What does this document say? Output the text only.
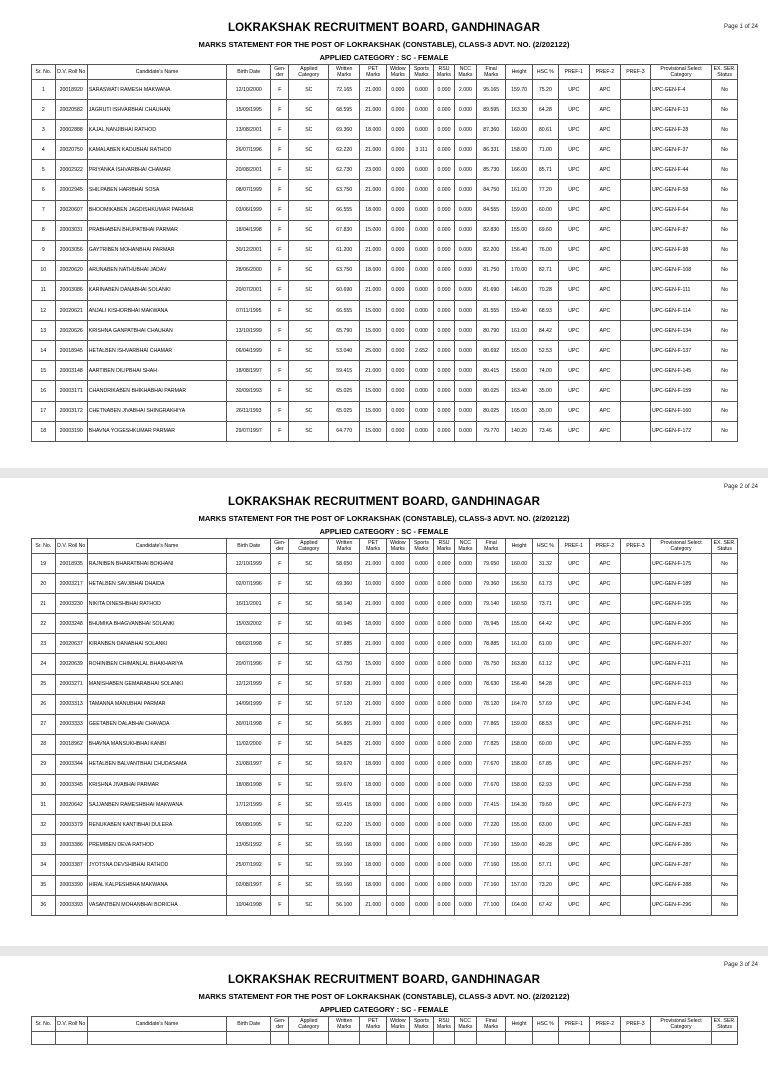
Page 1 of 24
LOKRAKSHAK RECRUITMENT BOARD, GANDHINAGAR
MARKS STATEMENT FOR THE POST OF LOKRAKSHAK (CONSTABLE), CLASS-3 ADVT. NO. (2/202122)
APPLIED CATEGORY : SC - FEMALE
Sr. No.	D.V. Roll No	Candidate's Name	Birth Date	Gen-der	Applied Category	Written Marks	PET Marks	Widow Marks	Sports Marks	RSU Marks	NCC Marks	Final Marks	Height	HSC %	PREF-1	PREF-2	PREF-3	Provisional Select Category	EX. SER. Status
1	20018920	SARASWATI RAMESH MAKWANA	12/10/2000	F	SC	72.165	21.000	0.000	0.000	0.000	2.000	95.165	159.70	75.20	UPC	APC		UPC-GEN-F-4	No
2	20020582	JAGRUTI ISHVARBHAI CHAUHAN	15/09/1995	F	SC	68.595	21.000	0.000	0.000	0.000	0.000	89.595	163.30	64.28	UPC	APC		UPC-GEN-F-13	No
3	20002888	KAJAL NANJIBHAI RATHOD	13/08/2001	F	SC	69.360	18.000	0.000	0.000	0.000	0.000	87.360	160.00	80.61	UPC	APC		UPC-GEN-F-28	No
4	20020750	KAMALABEN KADUBHAI RATHOD	26/07/1996	F	SC	62.220	21.000	0.000	3.111	0.000	0.000	86.331	158.00	71.00	UPC	APC		UPC-GEN-F-37	No
5	20002922	PRIYANKA ISHVARBHAI CHAMAR	20/08/2001	F	SC	62.730	23.000	0.000	0.000	0.000	0.000	85.730	166.00	85.71	UPC	APC		UPC-GEN-F-44	No
6	20002945	SHILPABEN HARIBHAI SOSA	08/07/1999	F	SC	63.750	21.000	0.000	0.000	0.000	0.000	84.750	161.00	77.20	UPC	APC		UPC-GEN-F-58	No
7	20020607	BHOOMIKABEN JAGDISHKUMAR PARMAR	03/06/1999	F	SC	66.555	18.000	0.000	0.000	0.000	0.000	84.555	159.00	60.00	UPC	APC		UPC-GEN-F-64	No
8	20003031	PRABHABEN BHUPATBHAI PARMAR	18/04/1998	F	SC	67.830	15.000	0.000	0.000	0.000	0.000	82.830	155.00	69.60	UPC	APC		UPC-GEN-F-87	No
9	20003056	GAYTRIBEN MOHANBHAI PARMAR	30/12/2001	F	SC	61.200	21.000	0.000	0.000	0.000	0.000	82.200	156.40	76.00	UPC	APC		UPC-GEN-F-98	No
10	20020620	ARUNABEN NATHUBHAI JADAV	28/06/2000	F	SC	63.750	18.000	0.000	0.000	0.000	0.000	81.750	170.00	82.71	UPC	APC		UPC-GEN-F-108	No
11	20003086	KARINABEN DANABHAI SOLANKI	20/07/2001	F	SC	60.690	21.000	0.000	0.000	0.000	0.000	81.690	146.00	70.28	UPC	APC		UPC-GEN-F-111	No
12	20020621	ANJALI KISHORBHAI MAKWANA	07/11/1995	F	SC	66.555	15.000	0.000	0.000	0.000	0.000	81.555	159.40	68.93	UPC	APC		UPC-GEN-F-114	No
13	20020626	KRISHNA GANPATBHAI CHAUHAN	13/10/1999	F	SC	65.790	15.000	0.000	0.000	0.000	0.000	80.790	161.00	84.42	UPC	APC		UPC-GEN-F-134	No
14	20018945	HETALBEN ISHVARBHAI CHAMAR	06/04/1999	F	SC	53.040	25.000	0.000	2.652	0.000	0.000	80.692	165.00	52.53	UPC	APC		UPC-GEN-F-137	No
15	20003148	AARTIBEN DILIPBHAI SHAH	18/08/1997	F	SC	59.415	21.000	0.000	0.000	0.000	0.000	80.415	158.00	74.00	UPC	APC		UPC-GEN-F-145	No
16	20003171	CHANDRIKABEN BHIKHABHAI PARMAR	30/09/1993	F	SC	65.025	15.000	0.000	0.000	0.000	0.000	80.025	163.40	35.00	UPC	APC		UPC-GEN-F-159	No
17	20003172	CHETNABEN JIVABHAI SHINGRAKHIYA	26/11/1993	F	SC	65.025	15.000	0.000	0.000	0.000	0.000	80.025	165.00	35.00	UPC	APC		UPC-GEN-F-160	No
18	20003190	BHAVNA YOGESHKUMAR PARMAR	29/07/1997	F	SC	64.770	15.000	0.000	0.000	0.000	0.000	79.770	140.20	73.46	UPC	APC		UPC-GEN-F-172	No
Page 2 of 24
LOKRAKSHAK RECRUITMENT BOARD, GANDHINAGAR
MARKS STATEMENT FOR THE POST OF LOKRAKSHAK (CONSTABLE), CLASS-3 ADVT. NO. (2/202122)
APPLIED CATEGORY : SC - FEMALE
Sr. No.	D.V. Roll No	Candidate's Name	Birth Date	Gen-der	Applied Category	Written Marks	PET Marks	Widow Marks	Sports Marks	RSU Marks	NCC Marks	Final Marks	Height	HSC %	PREF-1	PREF-2	PREF-3	Provisional Select Category	EX. SER. Status
19	20018935	RAJNIBEN BHARATBHAI BOKHANI	12/10/1999	F	SC	58.650	21.000	0.000	0.000	0.000	0.000	79.650	160.00	31.32	UPC	APC		UPC-GEN-F-175	No
20	20003217	HETALBEN SAVJIBHAI DHAIDA	02/07/1996	F	SC	69.360	10.000	0.000	0.000	0.000	0.000	79.360	156.50	61.73	UPC	APC		UPC-GEN-F-189	No
21	20003230	NIKITA DINESHBHAI RATHOD	16/11/2001	F	SC	58.140	21.000	0.000	0.000	0.000	0.000	79.140	160.50	73.71	UPC	APC		UPC-GEN-F-195	No
22	20003248	BHUMIKA BHAGVANBHAI SOLANKI	15/03/2002	F	SC	60.945	18.000	0.000	0.000	0.000	0.000	78.945	155.00	64.42	UPC	APC		UPC-GEN-F-206	No
23	20020637	KIRANBEN DANABHAI SOLANKI	09/02/1998	F	SC	57.885	21.000	0.000	0.000	0.000	0.000	78.885	161.00	61.00	UPC	APC		UPC-GEN-F-207	No
24	20020639	ROHINIBEN CHIMANLAL BHAKHARIYA	20/07/1996	F	SC	63.750	15.000	0.000	0.000	0.000	0.000	78.750	163.80	61.12	UPC	APC		UPC-GEN-F-211	No
25	20003271	MANISHABEN GEMARABHAI SOLANKI	12/12/1999	F	SC	57.630	21.000	0.000	0.000	0.000	0.000	78.630	156.40	54.28	UPC	APC		UPC-GEN-F-213	No
26	20003313	TAMANNA MANUBHAI PARMAR	14/09/1999	F	SC	57.120	21.000	0.000	0.000	0.000	0.000	78.120	164.70	57.69	UPC	APC		UPC-GEN-F-241	No
27	20003333	GEETABEN DALABHAI CHAVADA	30/01/1998	F	SC	56.865	21.000	0.000	0.000	0.000	0.000	77.865	159.00	68.53	UPC	APC		UPC-GEN-F-251	No
28	20018962	BHAVNA MANSUKHBHAI KANBI	11/02/2000	F	SC	54.825	21.000	0.000	0.000	0.000	2.000	77.825	158.00	60.00	UPC	APC		UPC-GEN-F-255	No
29	20003344	HETALBEN BALVANTBHAI CHUDASAMA	31/08/1997	F	SC	59.670	18.000	0.000	0.000	0.000	0.000	77.670	158.00	67.85	UPC	APC		UPC-GEN-F-257	No
30	20003345	KRISHNA JIVABHAI PARMAR	18/08/1998	F	SC	59.670	18.000	0.000	0.000	0.000	0.000	77.670	158.00	62.93	UPC	APC		UPC-GEN-F-258	No
31	20020642	SAJJANBEN RAMESHBHAI MAKWANA	17/12/1999	F	SC	59.415	18.000	0.000	0.000	0.000	0.000	77.415	164.30	79.60	UPC	APC		UPC-GEN-F-273	No
32	20003379	RENUKABEN KANTIBHAI DULERA	05/08/1995	F	SC	62.220	15.000	0.000	0.000	0.000	0.000	77.220	155.00	63.00	UPC	APC		UPC-GEN-F-283	No
33	20003386	PREMIBEN DEVA RATHOD	13/05/1992	F	SC	59.160	18.000	0.000	0.000	0.000	0.000	77.160	159.00	49.28	UPC	APC		UPC-GEN-F-286	No
34	20003387	JYOTSNA DEVSHIBHAI RATHOD	25/07/1992	F	SC	59.160	18.000	0.000	0.000	0.000	0.000	77.160	155.00	57.71	UPC	APC		UPC-GEN-F-287	No
35	20003390	HIRAL KALPESHBHA MAKWANA	02/08/1997	F	SC	59.160	18.000	0.000	0.000	0.000	0.000	77.160	157.00	73.20	UPC	APC		UPC-GEN-F-288	No
36	20003393	VASANTBEN MOHANBHAI BORICHA	10/04/1998	F	SC	56.100	21.000	0.000	0.000	0.000	0.000	77.100	164.00	67.42	UPC	APC		UPC-GEN-F-296	No
Page 3 of 24
LOKRAKSHAK RECRUITMENT BOARD, GANDHINAGAR
MARKS STATEMENT FOR THE POST OF LOKRAKSHAK (CONSTABLE), CLASS-3 ADVT. NO. (2/202122)
APPLIED CATEGORY : SC - FEMALE
Sr. No.	D.V. Roll No	Candidate's Name	Birth Date	Gen-der	Applied Category	Written Marks	PET Marks	Widow Marks	Sports Marks	RSU Marks	NCC Marks	Final Marks	Height	HSC %	PREF-1	PREF-2	PREF-3	Provisional Select Category	EX. SER. Status
